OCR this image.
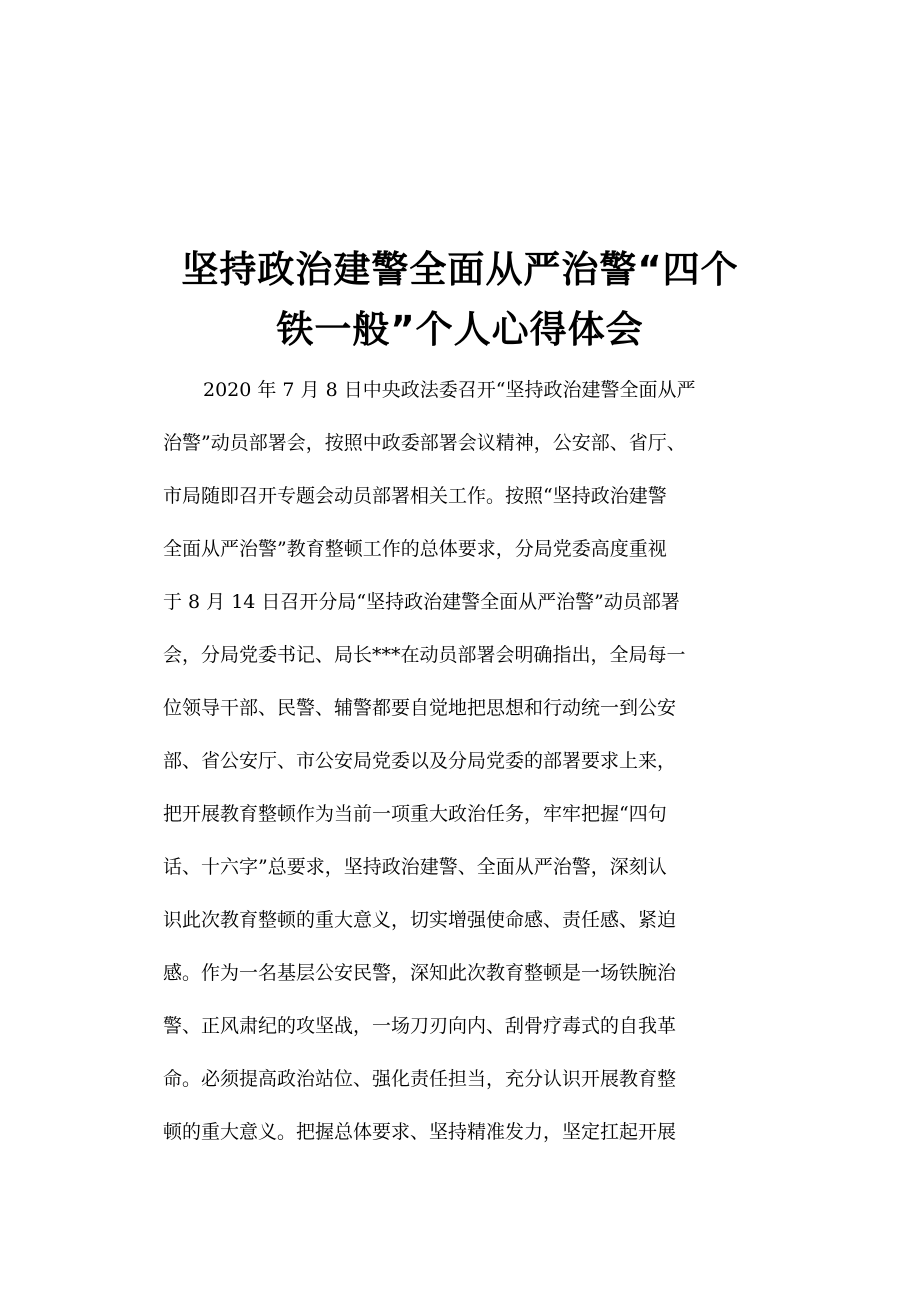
坚持政治建警全面从严治警“四个
铁一般”个人心得体会
2020 年 7 月 8 日中央政法委召开“坚持政治建警全面从严
治警”动员部署会，按照中政委部署会议精神，公安部、省厅、
市局随即召开专题会动员部署相关工作。按照“坚持政治建警
全面从严治警”教育整顿工作的总体要求，分局党委高度重视
于 8 月 14 日召开分局“坚持政治建警全面从严治警”动员部署
会，分局党委书记、局长***在动员部署会明确指出，全局每一
位领导干部、民警、辅警都要自觉地把思想和行动统一到公安
部、省公安厅、市公安局党委以及分局党委的部署要求上来，
把开展教育整顿作为当前一项重大政治任务，牢牢把握“四句
话、十六字”总要求，坚持政治建警、全面从严治警，深刻认
识此次教育整顿的重大意义，切实增强使命感、责任感、紧迫
感。作为一名基层公安民警，深知此次教育整顿是一场铁腕治
警、正风肃纪的攻坚战，一场刀刃向内、刮骨疗毒式的自我革
命。必须提高政治站位、强化责任担当，充分认识开展教育整
顿的重大意义。把握总体要求、坚持精准发力，坚定扛起开展
